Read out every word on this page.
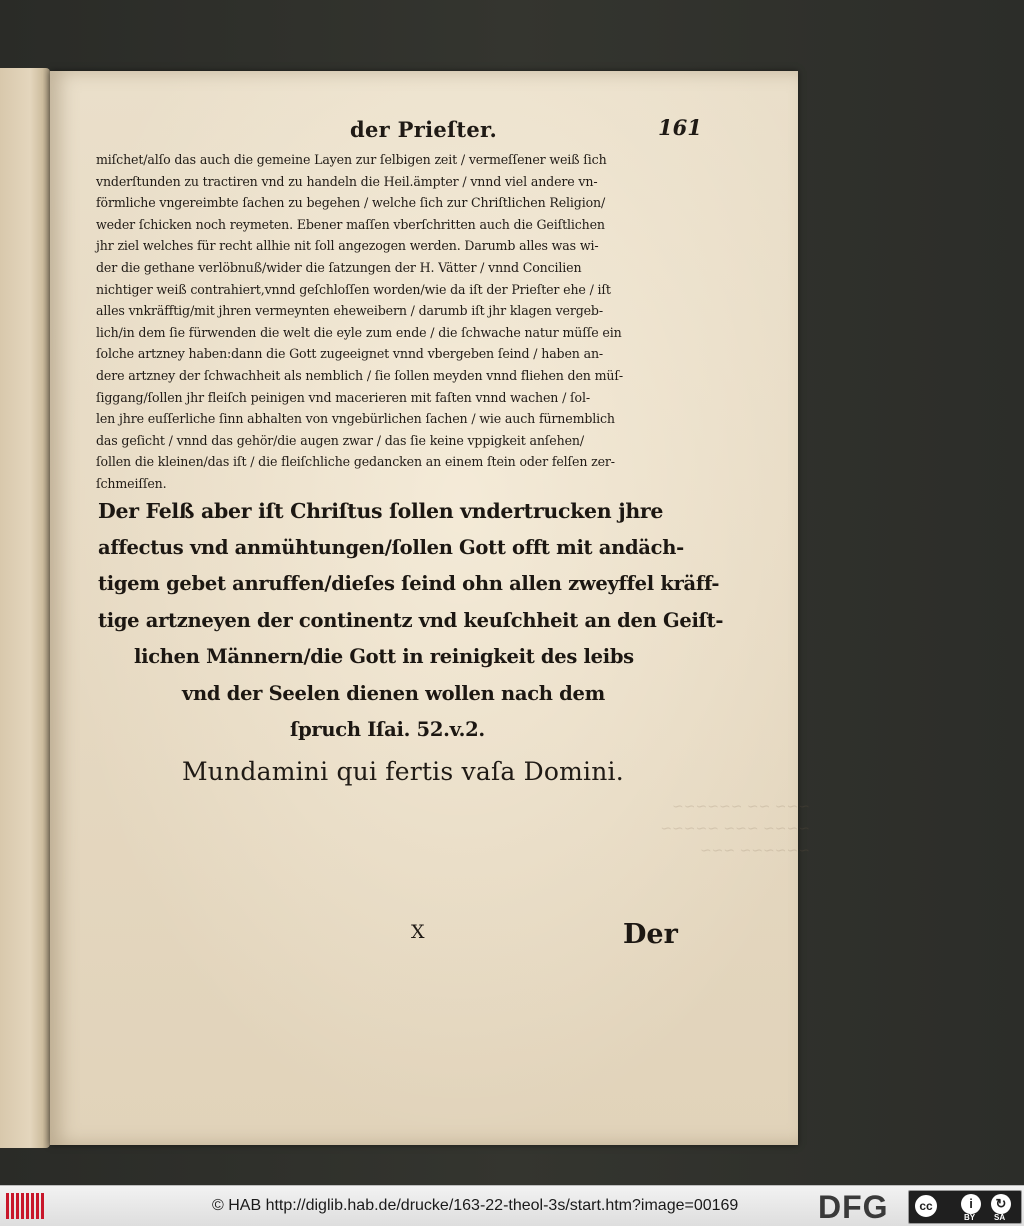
~~~ ~~ ~~~~~~
~~~~ ~~~ ~~~~~
~~~~~~ ~~~
der Prieſter.	161
miſchet/alſo das auch die gemeine Layen zur ſelbigen zeit / vermeſſener weiß ſich
vnderſtunden zu tractiren vnd zu handeln die Heil.ämpter / vnnd viel andere vn-
förmliche vngereimbte ſachen zu begehen / welche ſich zur Chriſtlichen Religion/
weder ſchicken noch reymeten. Ebener maſſen vberſchritten auch die Geiſtlichen
jhr ziel welches für recht allhie nit ſoll angezogen werden. Darumb alles was wi-
der die gethane verlöbnuß/wider die ſatzungen der H. Vätter / vnnd Concilien
nichtiger weiß contrahiert,vnnd geſchloſſen worden/wie da iſt der Prieſter ehe / iſt
alles vnkräfftig/mit jhren vermeynten eheweibern / darumb iſt jhr klagen vergeb-
lich/in dem ſie fürwenden die welt die eyle zum ende / die ſchwache natur müſſe ein
ſolche artzney haben:dann die Gott zugeeignet vnnd vbergeben ſeind / haben an-
dere artzney der ſchwachheit als nemblich / ſie ſollen meyden vnnd fliehen den müſ-
ſiggang/ſollen jhr fleiſch peinigen vnd macerieren mit faſten vnnd wachen / ſol-
len jhre euſſerliche ſinn abhalten von vngebürlichen ſachen / wie auch fürnemblich
das geſicht / vnnd das gehör/die augen zwar / das ſie keine vppigkeit anſehen/
ſollen die kleinen/das iſt / die fleiſchliche gedancken an einem ſtein oder felſen zer-
ſchmeiſſen.
Der Felß aber iſt Chriſtus ſollen vndertrucken jhre
affectus vnd anmühtungen/ſollen Gott offt mit andäch-
tigem gebet anruffen/dieſes ſeind ohn allen zweyffel kräff-
tige artzneyen der continentz vnd keuſchheit an den Geiſt-
lichen Männern/die Gott in reinigkeit des leibs
vnd der Seelen dienen wollen nach dem
ſpruch Iſai. 52.v.2.
Mundamini qui fertis vaſa Domini.
X	Der
© HAB http://diglib.hab.de/drucke/163-22-theol-3s/start.htm?image=00169 DFG	cc	i	↻
BY SA
